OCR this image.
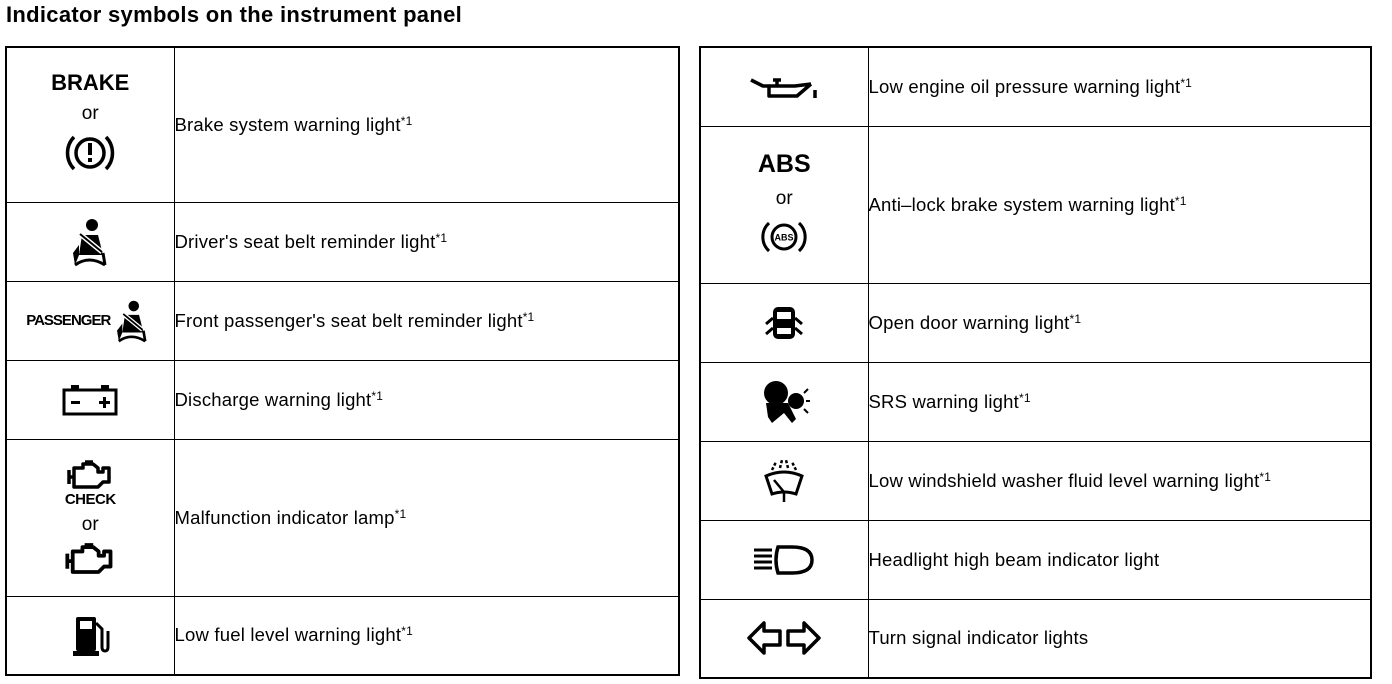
Indicator symbols on the instrument panel
BRAKE
or	Brake system warning light$^{*1}$
	Driver's seat belt reminder light$^{*1}$

PASSENGER	Front passenger's seat belt reminder light$^{*1}$
	Discharge warning light$^{*1}$

CHECK
or	Malfunction indicator lamp$^{*1}$
	Low fuel level warning light$^{*1}$
	Low engine oil pressure warning light$^{*1}$

ABS
or
ABS	Anti–lock brake system warning light$^{*1}$
	Open door warning light$^{*1}$
	SRS warning light$^{*1}$
	Low windshield washer fluid level warning light$^{*1}$
	Headlight high beam indicator light
	Turn signal indicator lights
